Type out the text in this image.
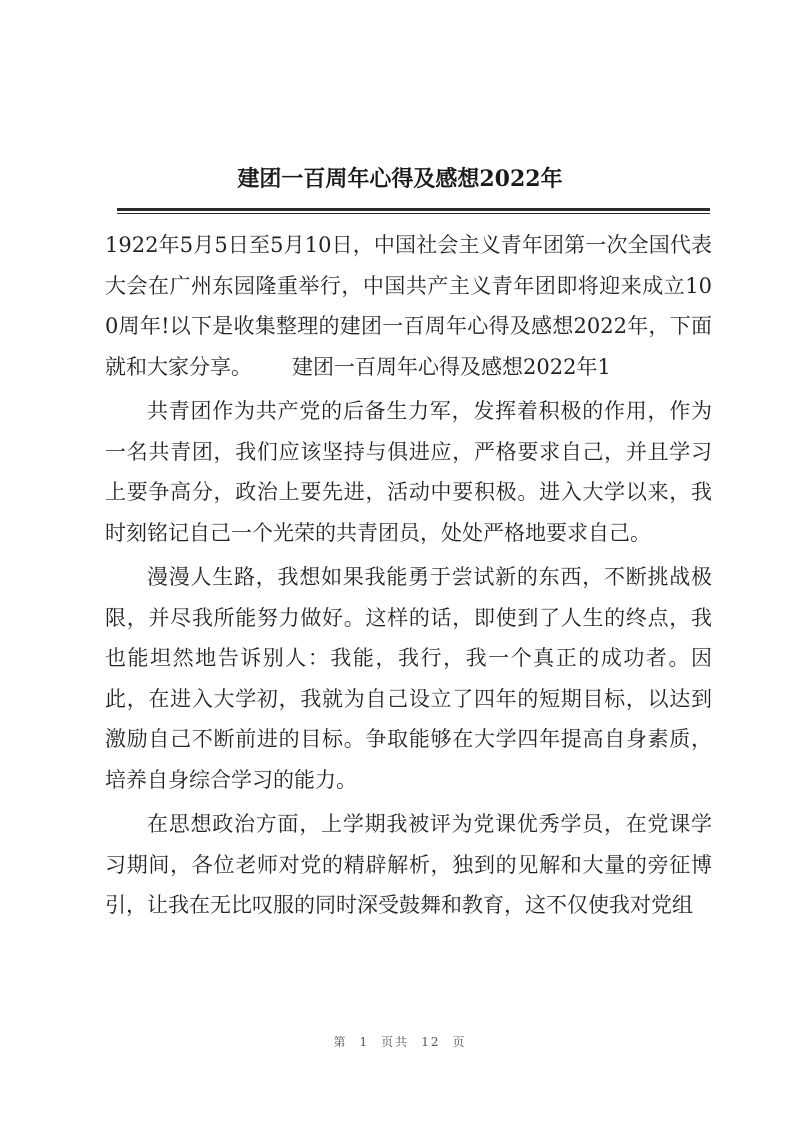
建团一百周年心得及感想2022年

1922年5月5日至5月10日，中国社会主义青年团第一次全国代表大会在广州东园隆重举行，中国共产主义青年团即将迎来成立100周年!以下是收集整理的建团一百周年心得及感想2022年，下面就和大家分享。 建团一百周年心得及感想2022年1

共青团作为共产党的后备生力军，发挥着积极的作用，作为一名共青团，我们应该坚持与俱进应，严格要求自己，并且学习上要争高分，政治上要先进，活动中要积极。进入大学以来，我时刻铭记自己一个光荣的共青团员，处处严格地要求自己。

漫漫人生路，我想如果我能勇于尝试新的东西，不断挑战极限，并尽我所能努力做好。这样的话，即使到了人生的终点，我也能坦然地告诉别人：我能，我行，我一个真正的成功者。因此，在进入大学初，我就为自己设立了四年的短期目标，以达到激励自己不断前进的目标。争取能够在大学四年提高自身素质，培养自身综合学习的能力。

在思想政治方面，上学期我被评为党课优秀学员，在党课学习期间，各位老师对党的精辟解析，独到的见解和大量的旁征博引，让我在无比叹服的同时深受鼓舞和教育，这不仅使我对党组

第 1 页共 12 页
